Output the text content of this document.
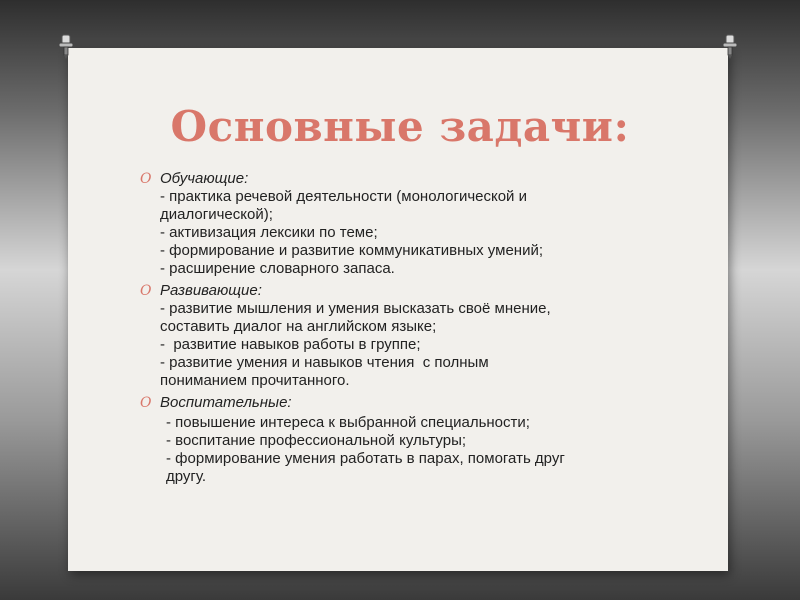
Основные задачи:
O Обучающие:
- практика речевой деятельности (монологической и
диалогической);
- активизация лексики по теме;
- формирование и развитие коммуникативных умений;
- расширение словарного запаса.
O Развивающие:
- развитие мышления и умения высказать своё мнение,
составить диалог на английском языке;
-  развитие навыков работы в группе;
- развитие умения и навыков чтения  с полным
пониманием прочитанного.
O Воспитательные:
- повышение интереса к выбранной специальности;
- воспитание профессиональной культуры;
- формирование умения работать в парах, помогать друг
другу.
